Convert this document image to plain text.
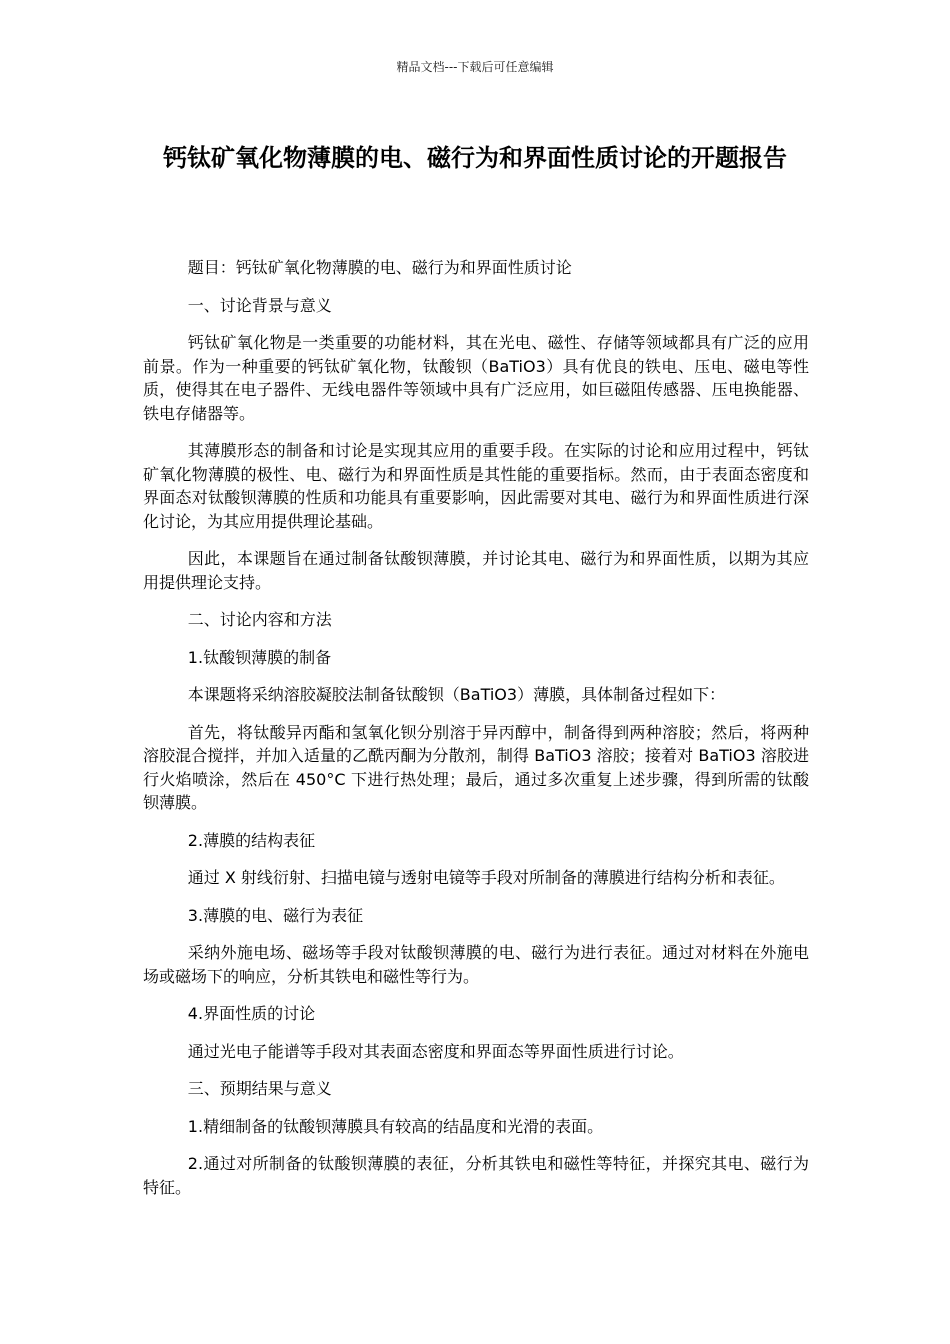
精品文档---下载后可任意编辑
钙钛矿氧化物薄膜的电、磁行为和界面性质讨论的开题报告

题目：钙钛矿氧化物薄膜的电、磁行为和界面性质讨论

一、讨论背景与意义

钙钛矿氧化物是一类重要的功能材料，其在光电、磁性、存储等领域都具有广泛的应用前景。作为一种重要的钙钛矿氧化物，钛酸钡（BaTiO3）具有优良的铁电、压电、磁电等性质，使得其在电子器件、无线电器件等领域中具有广泛应用，如巨磁阻传感器、压电换能器、铁电存储器等。

其薄膜形态的制备和讨论是实现其应用的重要手段。在实际的讨论和应用过程中，钙钛矿氧化物薄膜的极性、电、磁行为和界面性质是其性能的重要指标。然而，由于表面态密度和界面态对钛酸钡薄膜的性质和功能具有重要影响，因此需要对其电、磁行为和界面性质进行深化讨论，为其应用提供理论基础。

因此，本课题旨在通过制备钛酸钡薄膜，并讨论其电、磁行为和界面性质，以期为其应用提供理论支持。

二、讨论内容和方法

1.钛酸钡薄膜的制备

本课题将采纳溶胶凝胶法制备钛酸钡（BaTiO3）薄膜，具体制备过程如下：

首先，将钛酸异丙酯和氢氧化钡分别溶于异丙醇中，制备得到两种溶胶；然后，将两种溶胶混合搅拌，并加入适量的乙酰丙酮为分散剂，制得 BaTiO3 溶胶；接着对 BaTiO3 溶胶进行火焰喷涂，然后在 450°C 下进行热处理；最后，通过多次重复上述步骤，得到所需的钛酸钡薄膜。

2.薄膜的结构表征

通过 X 射线衍射、扫描电镜与透射电镜等手段对所制备的薄膜进行结构分析和表征。

3.薄膜的电、磁行为表征

采纳外施电场、磁场等手段对钛酸钡薄膜的电、磁行为进行表征。通过对材料在外施电场或磁场下的响应，分析其铁电和磁性等行为。

4.界面性质的讨论

通过光电子能谱等手段对其表面态密度和界面态等界面性质进行讨论。

三、预期结果与意义

1.精细制备的钛酸钡薄膜具有较高的结晶度和光滑的表面。

2.通过对所制备的钛酸钡薄膜的表征，分析其铁电和磁性等特征，并探究其电、磁行为特征。
